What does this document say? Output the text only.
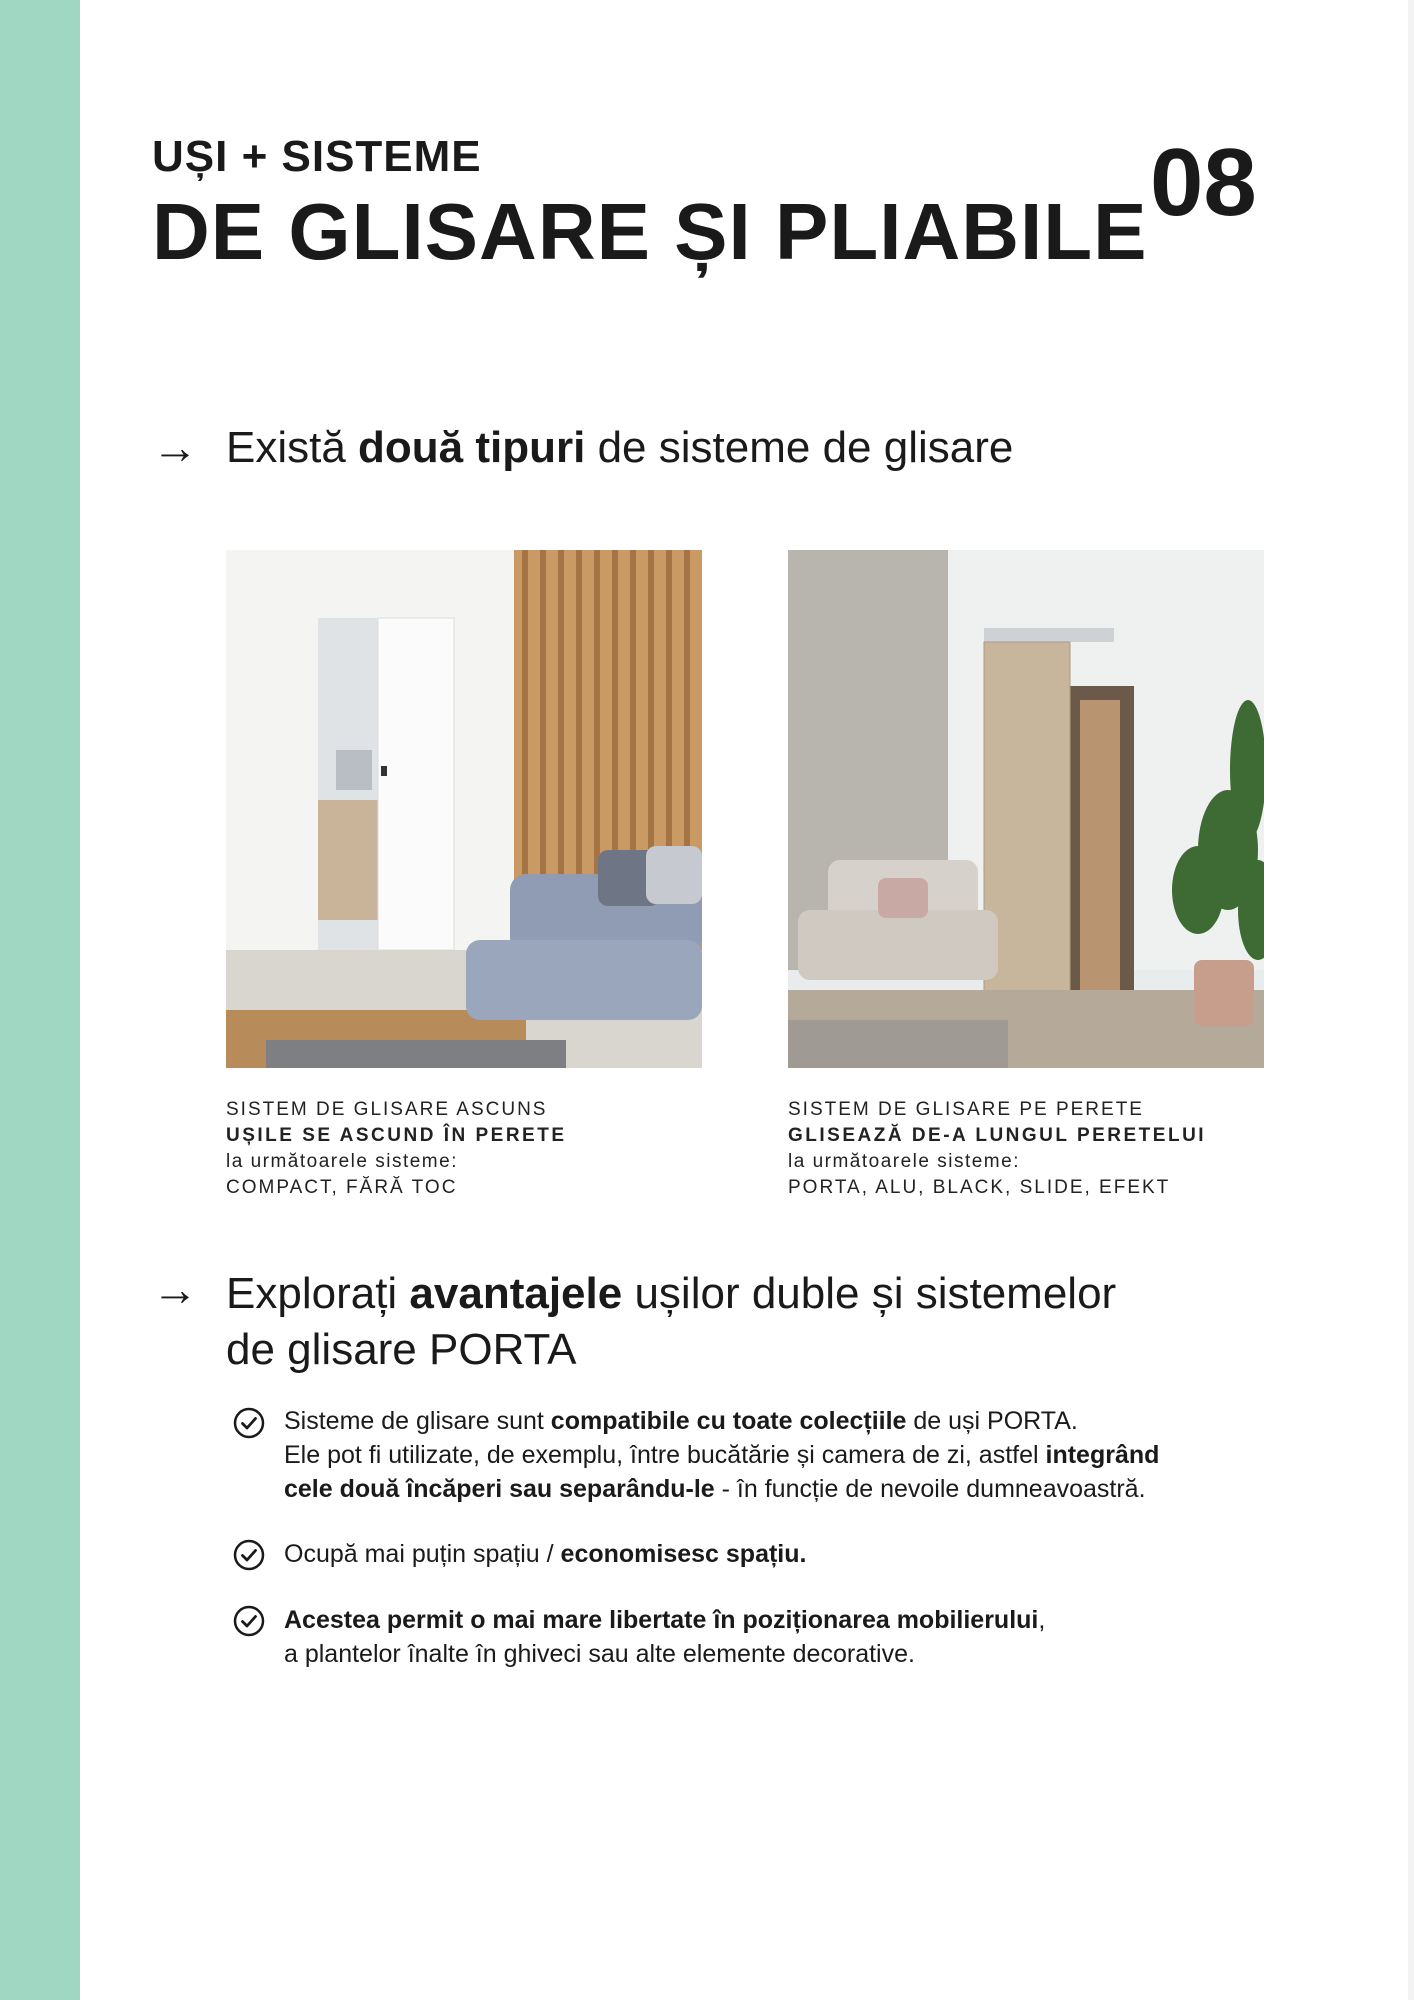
UȘI + SISTEME
DE GLISARE ȘI PLIABILE 08
→ Există două tipuri de sisteme de glisare
SISTEM DE GLISARE ASCUNS
UȘILE SE ASCUND ÎN PERETE
la următoarele sisteme:
COMPACT, FĂRĂ TOC
SISTEM DE GLISARE PE PERETE
GLISEAZĂ DE-A LUNGUL PERETELUI
la următoarele sisteme:
PORTA, ALU, BLACK, SLIDE, EFEKT
→ Explorați avantajele ușilor duble și sistemelor
de glisare PORTA
Sisteme de glisare sunt compatibile cu toate colecțiile de uși PORTA.
Ele pot fi utilizate, de exemplu, între bucătărie și camera de zi, astfel integrând
cele două încăperi sau separându-le - în funcție de nevoile dumneavoastră.
Ocupă mai puțin spațiu / economisesc spațiu.
Acestea permit o mai mare libertate în poziționarea mobilierului,
a plantelor înalte în ghiveci sau alte elemente decorative.
